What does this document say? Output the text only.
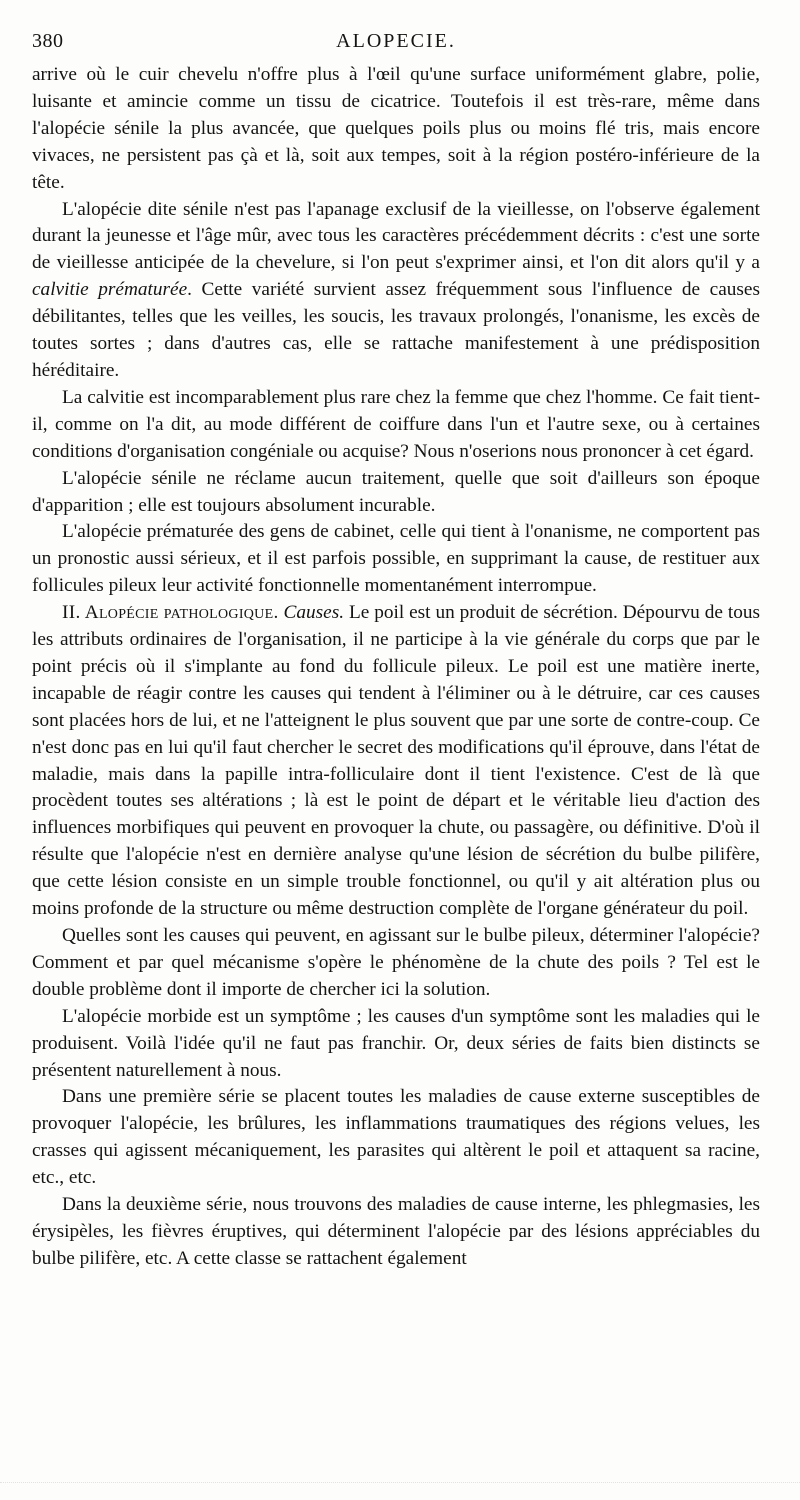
380	ALOPECIE.

arrive où le cuir chevelu n'offre plus à l'œil qu'une surface uniformément glabre, polie, luisante et amincie comme un tissu de cicatrice. Toutefois il est très-rare, même dans l'alopécie sénile la plus avancée, que quelques poils plus ou moins flé tris, mais encore vivaces, ne persistent pas çà et là, soit aux tempes, soit à la région postéro-inférieure de la tête.

L'alopécie dite sénile n'est pas l'apanage exclusif de la vieillesse, on l'observe également durant la jeunesse et l'âge mûr, avec tous les caractères précédemment décrits : c'est une sorte de vieillesse anticipée de la chevelure, si l'on peut s'exprimer ainsi, et l'on dit alors qu'il y a calvitie prématurée. Cette variété survient assez fréquemment sous l'influence de causes débilitantes, telles que les veilles, les soucis, les travaux prolongés, l'onanisme, les excès de toutes sortes ; dans d'autres cas, elle se rattache manifestement à une prédisposition héréditaire.

La calvitie est incomparablement plus rare chez la femme que chez l'homme. Ce fait tient-il, comme on l'a dit, au mode différent de coiffure dans l'un et l'autre sexe, ou à certaines conditions d'organisation congéniale ou acquise? Nous n'oserions nous prononcer à cet égard.

L'alopécie sénile ne réclame aucun traitement, quelle que soit d'ailleurs son époque d'apparition ; elle est toujours absolument incurable.

L'alopécie prématurée des gens de cabinet, celle qui tient à l'onanisme, ne comportent pas un pronostic aussi sérieux, et il est parfois possible, en supprimant la cause, de restituer aux follicules pileux leur activité fonctionnelle momentanément interrompue.

II. Alopécie pathologique. Causes. Le poil est un produit de sécrétion. Dépourvu de tous les attributs ordinaires de l'organisation, il ne participe à la vie générale du corps que par le point précis où il s'implante au fond du follicule pileux. Le poil est une matière inerte, incapable de réagir contre les causes qui tendent à l'éliminer ou à le détruire, car ces causes sont placées hors de lui, et ne l'atteignent le plus souvent que par une sorte de contre-coup. Ce n'est donc pas en lui qu'il faut chercher le secret des modifications qu'il éprouve, dans l'état de maladie, mais dans la papille intra-folliculaire dont il tient l'existence. C'est de là que procèdent toutes ses altérations ; là est le point de départ et le véritable lieu d'action des influences morbifiques qui peuvent en provoquer la chute, ou passagère, ou définitive. D'où il résulte que l'alopécie n'est en dernière analyse qu'une lésion de sécrétion du bulbe pilifère, que cette lésion consiste en un simple trouble fonctionnel, ou qu'il y ait altération plus ou moins profonde de la structure ou même destruction complète de l'organe générateur du poil.

Quelles sont les causes qui peuvent, en agissant sur le bulbe pileux, déterminer l'alopécie? Comment et par quel mécanisme s'opère le phénomène de la chute des poils ? Tel est le double problème dont il importe de chercher ici la solution.

L'alopécie morbide est un symptôme ; les causes d'un symptôme sont les maladies qui le produisent. Voilà l'idée qu'il ne faut pas franchir. Or, deux séries de faits bien distincts se présentent naturellement à nous.

Dans une première série se placent toutes les maladies de cause externe susceptibles de provoquer l'alopécie, les brûlures, les inflammations traumatiques des régions velues, les crasses qui agissent mécaniquement, les parasites qui altèrent le poil et attaquent sa racine, etc., etc.

Dans la deuxième série, nous trouvons des maladies de cause interne, les phlegmasies, les érysipèles, les fièvres éruptives, qui déterminent l'alopécie par des lésions appréciables du bulbe pilifère, etc. A cette classe se rattachent également
